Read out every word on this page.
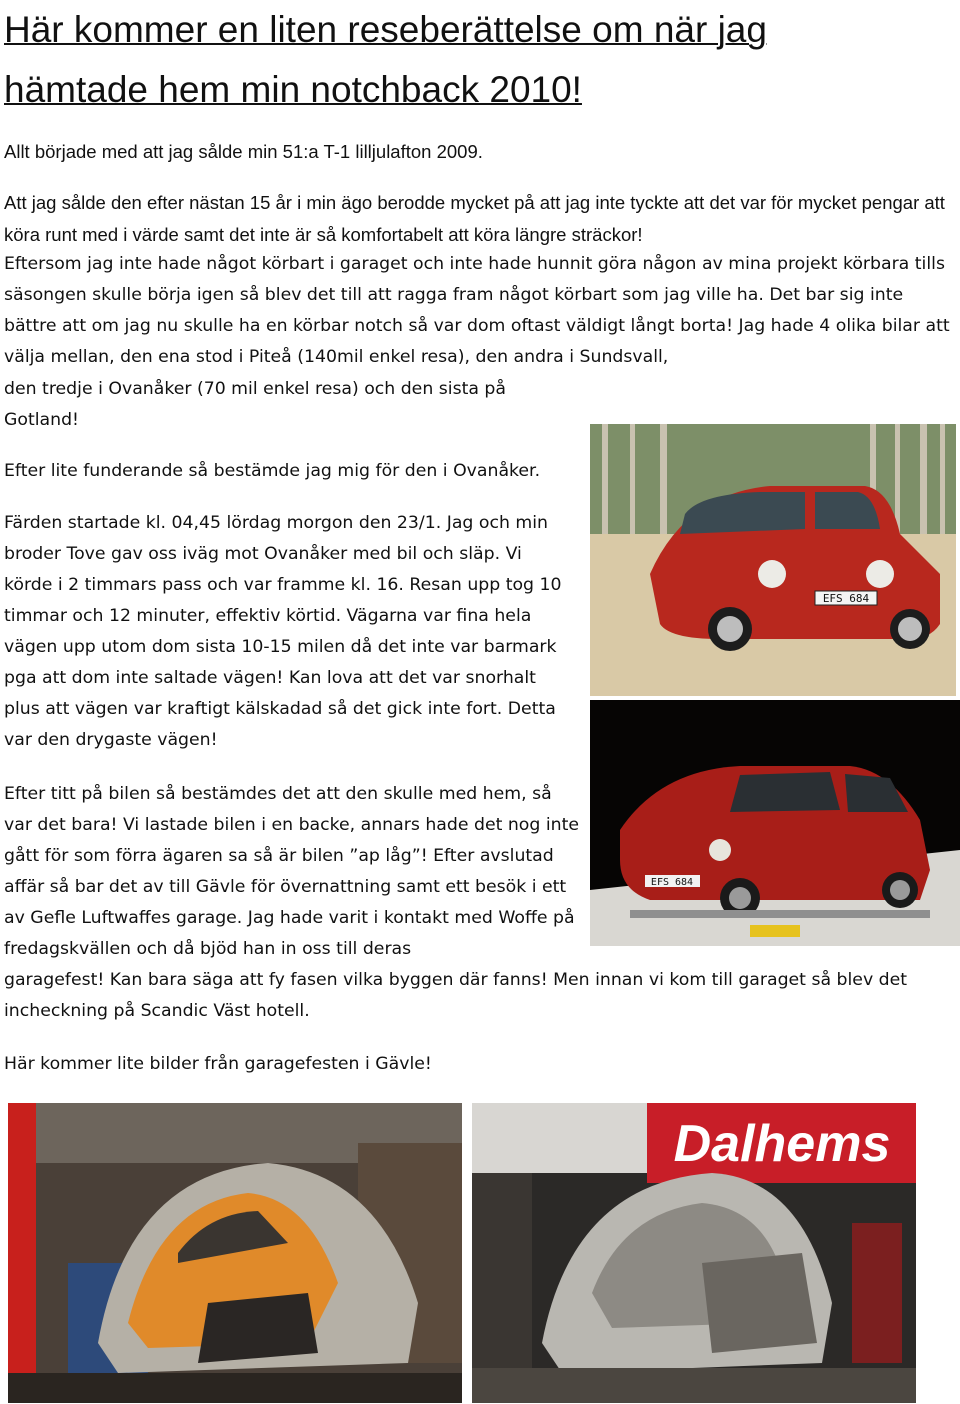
Här kommer en liten reseberättelse om när jag hämtade hem min notchback 2010!

Allt började med att jag sålde min 51:a T-1 lilljulafton 2009.

Att jag sålde den efter nästan 15 år i min ägo berodde mycket på att jag inte tyckte att det var för mycket pengar att köra runt med i värde samt det inte är så komfortabelt att köra längre sträckor!

Eftersom jag inte hade något körbart i garaget och inte hade hunnit göra någon av mina projekt körbara tills säsongen skulle börja igen så blev det till att ragga fram något körbart som jag ville ha. Det bar sig inte bättre att om jag nu skulle ha en körbar notch så var dom oftast väldigt långt borta! Jag hade 4 olika bilar att välja mellan, den ena stod i Piteå (140mil enkel resa), den andra i Sundsvall,

den tredje i Ovanåker (70 mil enkel resa) och den sista på Gotland!

Efter lite funderande så bestämde jag mig för den i Ovanåker.

Färden startade kl. 04,45 lördag morgon den 23/1. Jag och min broder Tove gav oss iväg mot Ovanåker med bil och släp. Vi körde i 2 timmars pass och var framme kl. 16. Resan upp tog 10 timmar och 12 minuter, effektiv körtid. Vägarna var fina hela vägen upp utom dom sista 10-15 milen då det inte var barmark pga att dom inte saltade vägen! Kan lova att det var snorhalt plus att vägen var kraftigt kälskadad så det gick inte fort. Detta var den drygaste vägen!

Efter titt på bilen så bestämdes det att den skulle med hem, så var det bara! Vi lastade bilen i en backe, annars hade det nog inte gått för som förra ägaren sa så är bilen ”ap låg”! Efter avslutad affär så bar det av till Gävle för övernattning samt ett besök i ett av Gefle Luftwaffes garage. Jag hade varit i kontakt med Woffe på fredagskvällen och då bjöd han in oss till deras

garagefest! Kan bara säga att fy fasen vilka byggen där fanns! Men innan vi kom till garaget så blev det incheckning på Scandic Väst hotell.

Här kommer lite bilder från garagefesten i Gävle!

EFS 684
EFS 684
Dalhems
